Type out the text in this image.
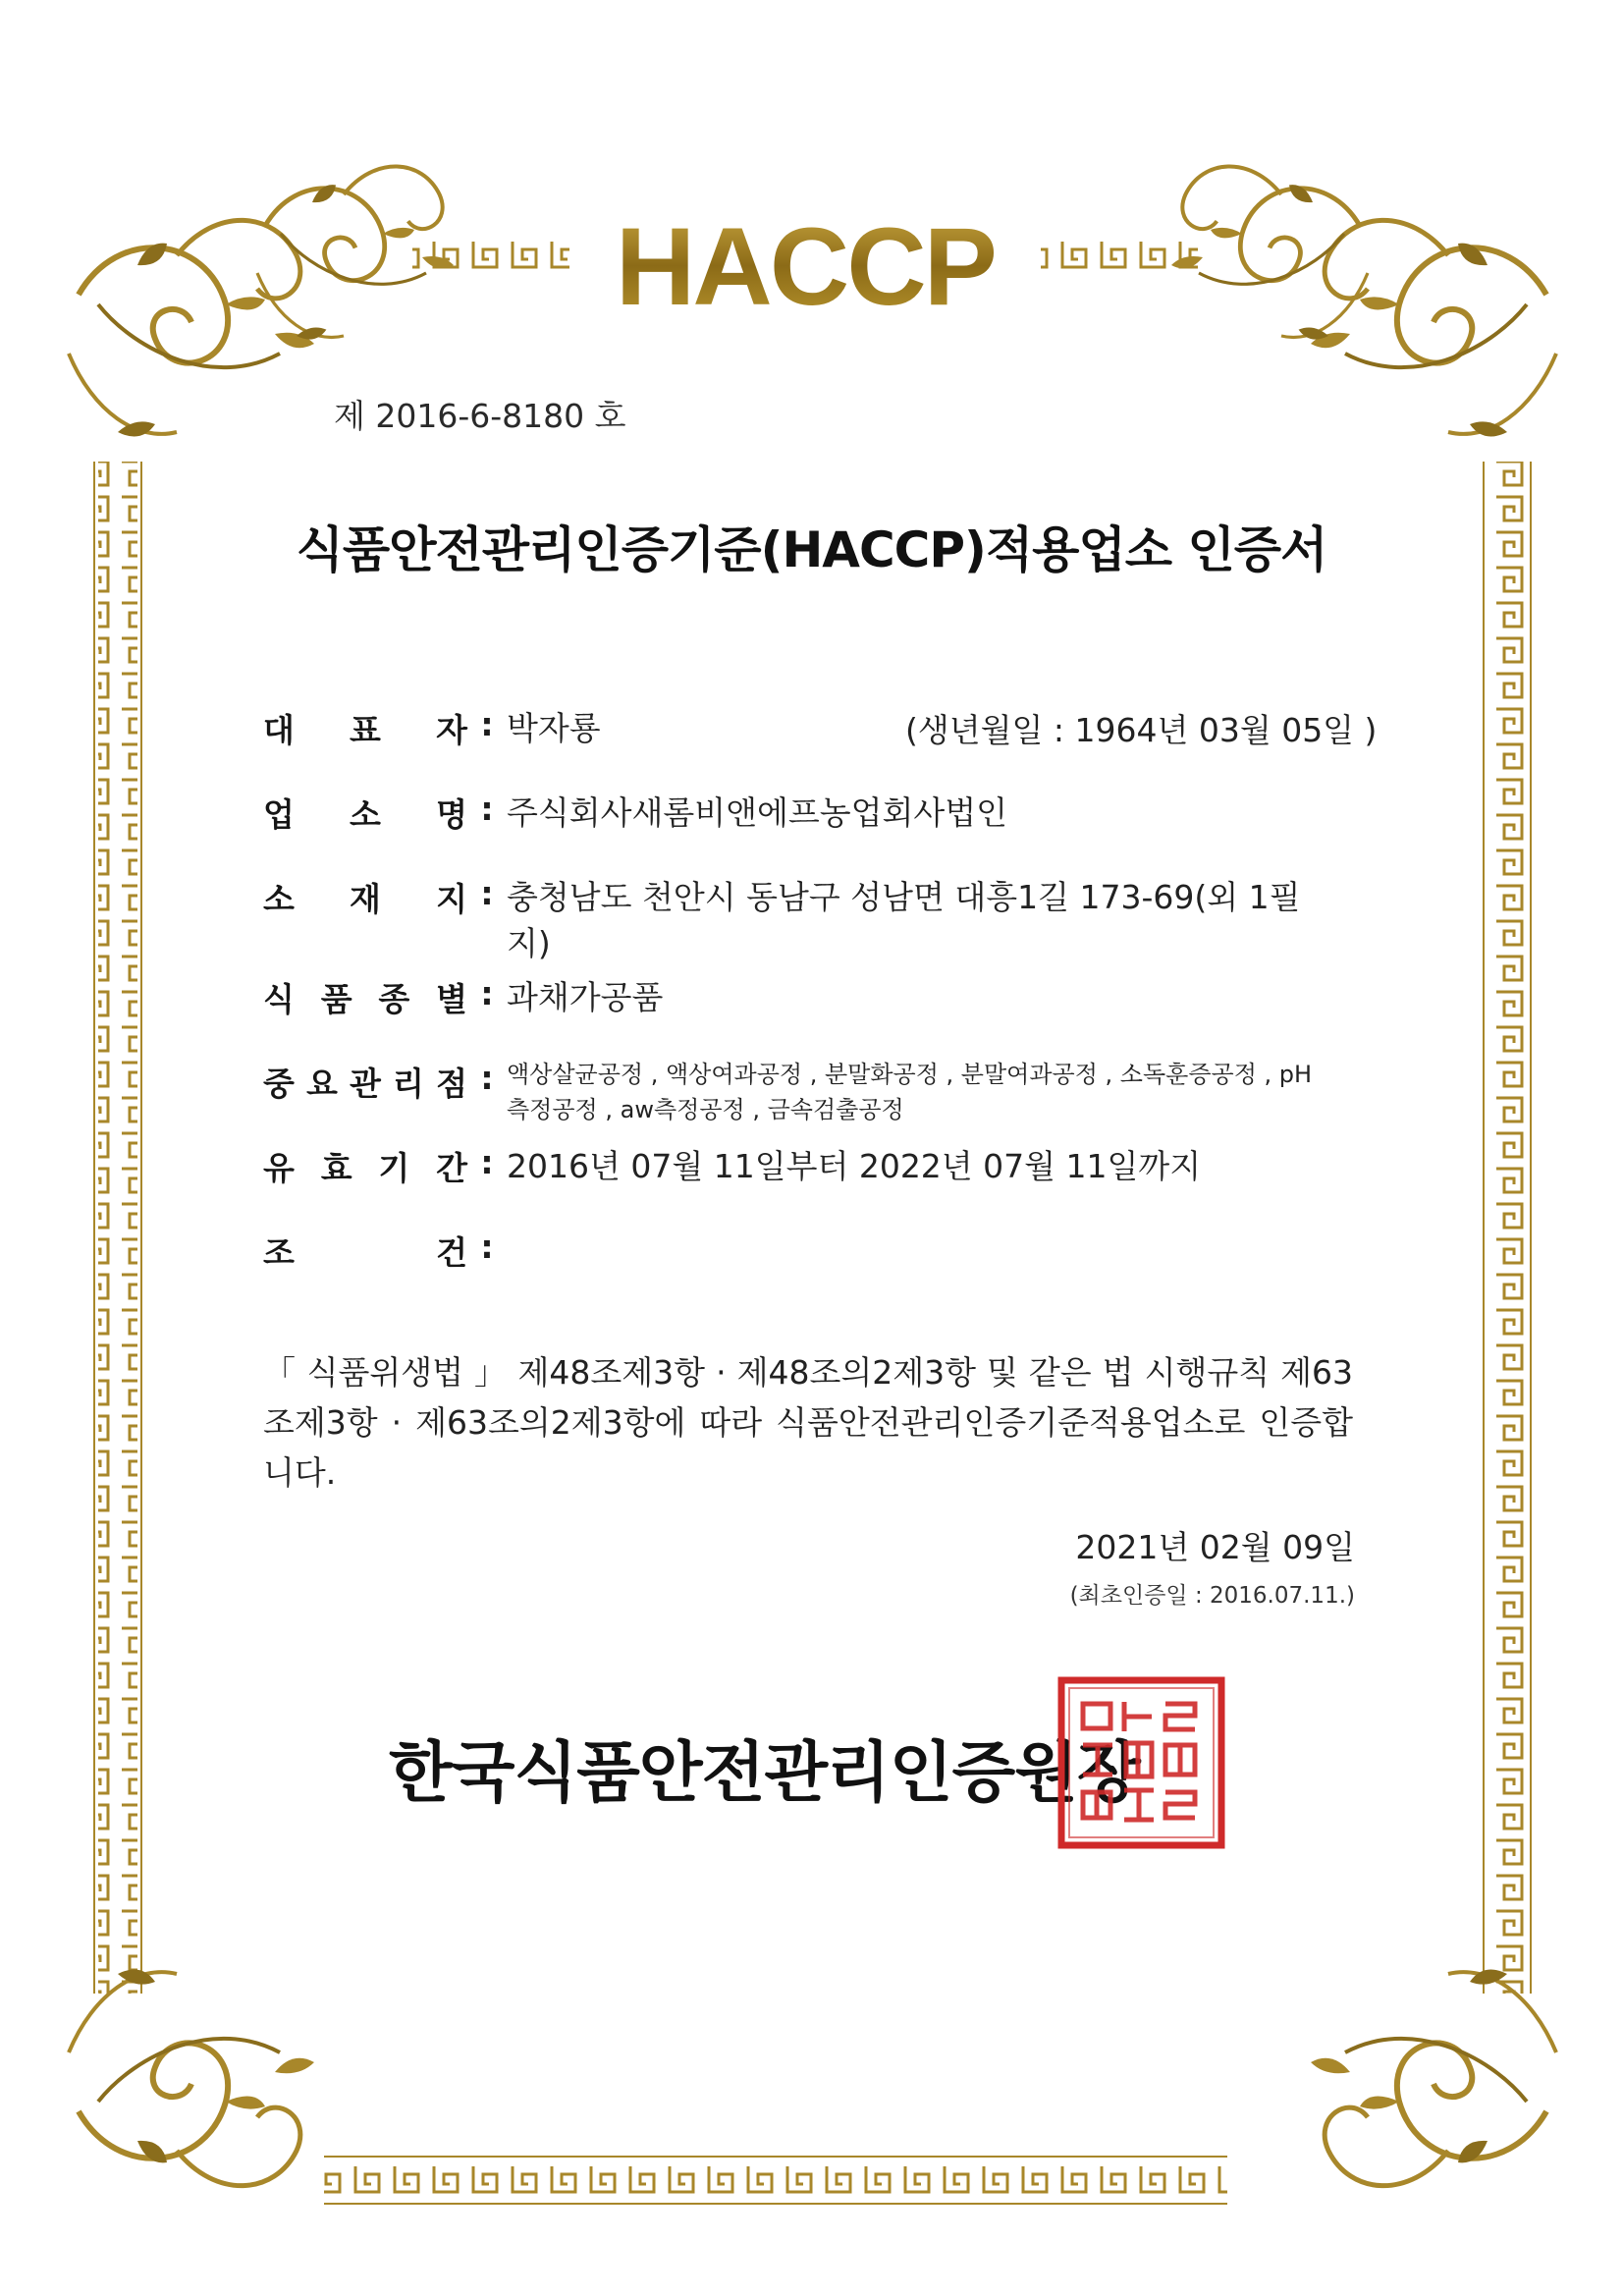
HACCP
제 2016-6-8180 호
식품안전관리인증기준(HACCP)적용업소 인증서
대 표 자 : 박자룡	(생년월일 : 1964년 03월 05일 )
업 소 명 : 주식회사새롬비앤에프농업회사법인
소 재 지 : 충청남도 천안시 동남구 성남면 대흥1길 173-69(외 1필지)
식 품 종 별 : 과채가공품
중 요 관 리 점 : 액상살균공정 , 액상여과공정 , 분말화공정 , 분말여과공정 , 소독훈증공정 , pH측정공정 , aw측정공정 , 금속검출공정
유 효 기 간 : 2016년 07월 11일부터 2022년 07월 11일까지
조	건 :
「 식품위생법 」 제48조제3항 · 제48조의2제3항 및 같은 법 시행규칙 제63조제3항 · 제63조의2제3항에 따라 식품안전관리인증기준적용업소로 인증합니다.
2021년 02월 09일
(최초인증일 : 2016.07.11.)
한국식품안전관리인증원장
